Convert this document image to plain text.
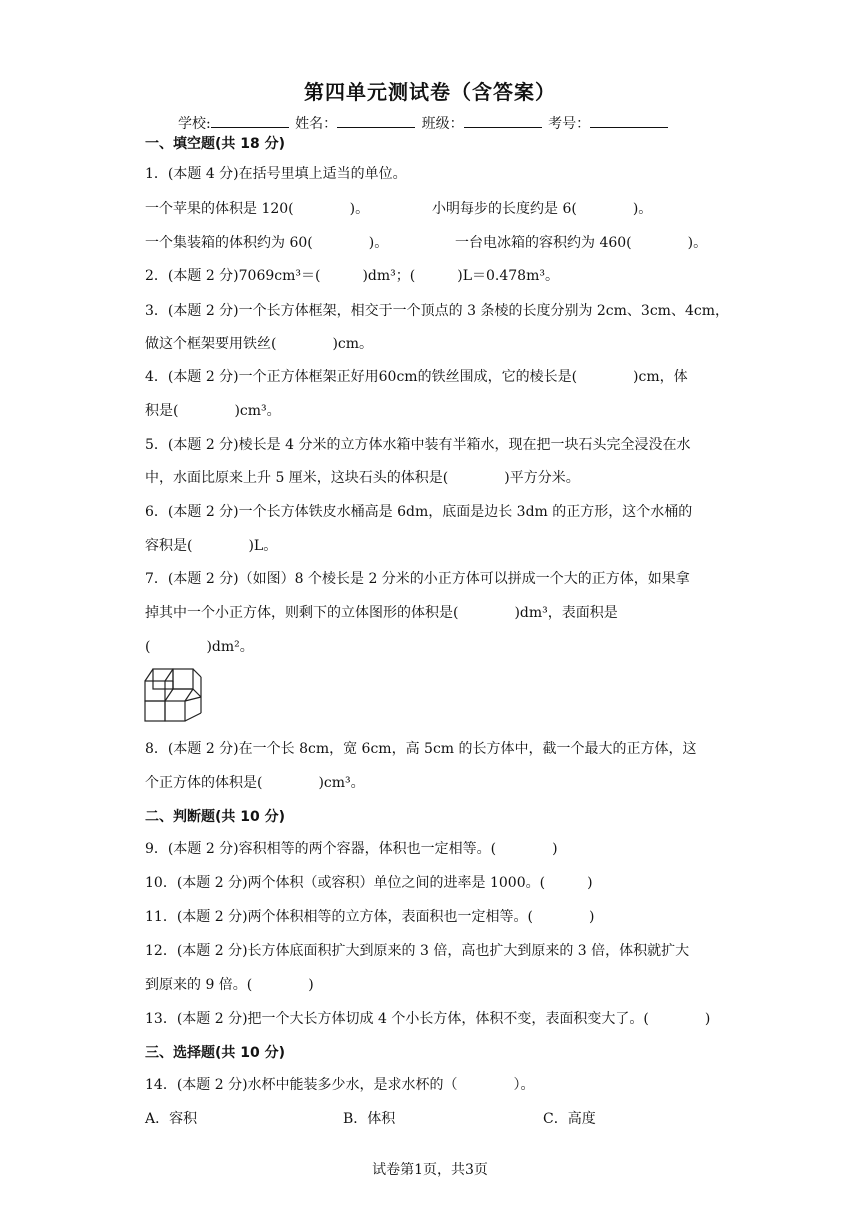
第四单元测试卷（含答案）
学校:	姓名：	班级：	考号：
一、填空题(共 18 分)
1．(本题 4 分)在括号里填上适当的单位。
一个苹果的体积是 120(　　　　)。	小明每步的长度约是 6(　　　　)。
一个集装箱的体积约为 60(　　　　)。	一台电冰箱的容积约为 460(　　　　)。
2．(本题 2 分)7069cm³＝(　　　)dm³；(　　　)L＝0.478m³。
3．(本题 2 分)一个长方体框架，相交于一个顶点的 3 条棱的长度分别为 2cm、3cm、4cm，
做这个框架要用铁丝(　　　　)cm。
4．(本题 2 分)一个正方体框架正好用60cm的铁丝围成，它的棱长是(　　　　)cm，体
积是(　　　　)cm³。
5．(本题 2 分)棱长是 4 分米的立方体水箱中装有半箱水，现在把一块石头完全浸没在水
中，水面比原来上升 5 厘米，这块石头的体积是(　　　　)平方分米。
6．(本题 2 分)一个长方体铁皮水桶高是 6dm，底面是边长 3dm 的正方形，这个水桶的
容积是(　　　　)L。
7．(本题 2 分)（如图）8 个棱长是 2 分米的小正方体可以拼成一个大的正方体，如果拿
掉其中一个小正方体，则剩下的立体图形的体积是(　　　　)dm³，表面积是
(　　　　)dm²。
8．(本题 2 分)在一个长 8cm，宽 6cm，高 5cm 的长方体中，截一个最大的正方体，这
个正方体的体积是(　　　　)cm³。
二、判断题(共 10 分)
9．(本题 2 分)容积相等的两个容器，体积也一定相等。(　　　　)
10．(本题 2 分)两个体积（或容积）单位之间的进率是 1000。(　　　)
11．(本题 2 分)两个体积相等的立方体，表面积也一定相等。(　　　　)
12．(本题 2 分)长方体底面积扩大到原来的 3 倍，高也扩大到原来的 3 倍，体积就扩大
到原来的 9 倍。(　　　　)
13．(本题 2 分)把一个大长方体切成 4 个小长方体，体积不变，表面积变大了。(　　　　)
三、选择题(共 10 分)
14．(本题 2 分)水杯中能装多少水，是求水杯的（　　　　）。
A．容积	B．体积	C．高度
试卷第1页，共3页
